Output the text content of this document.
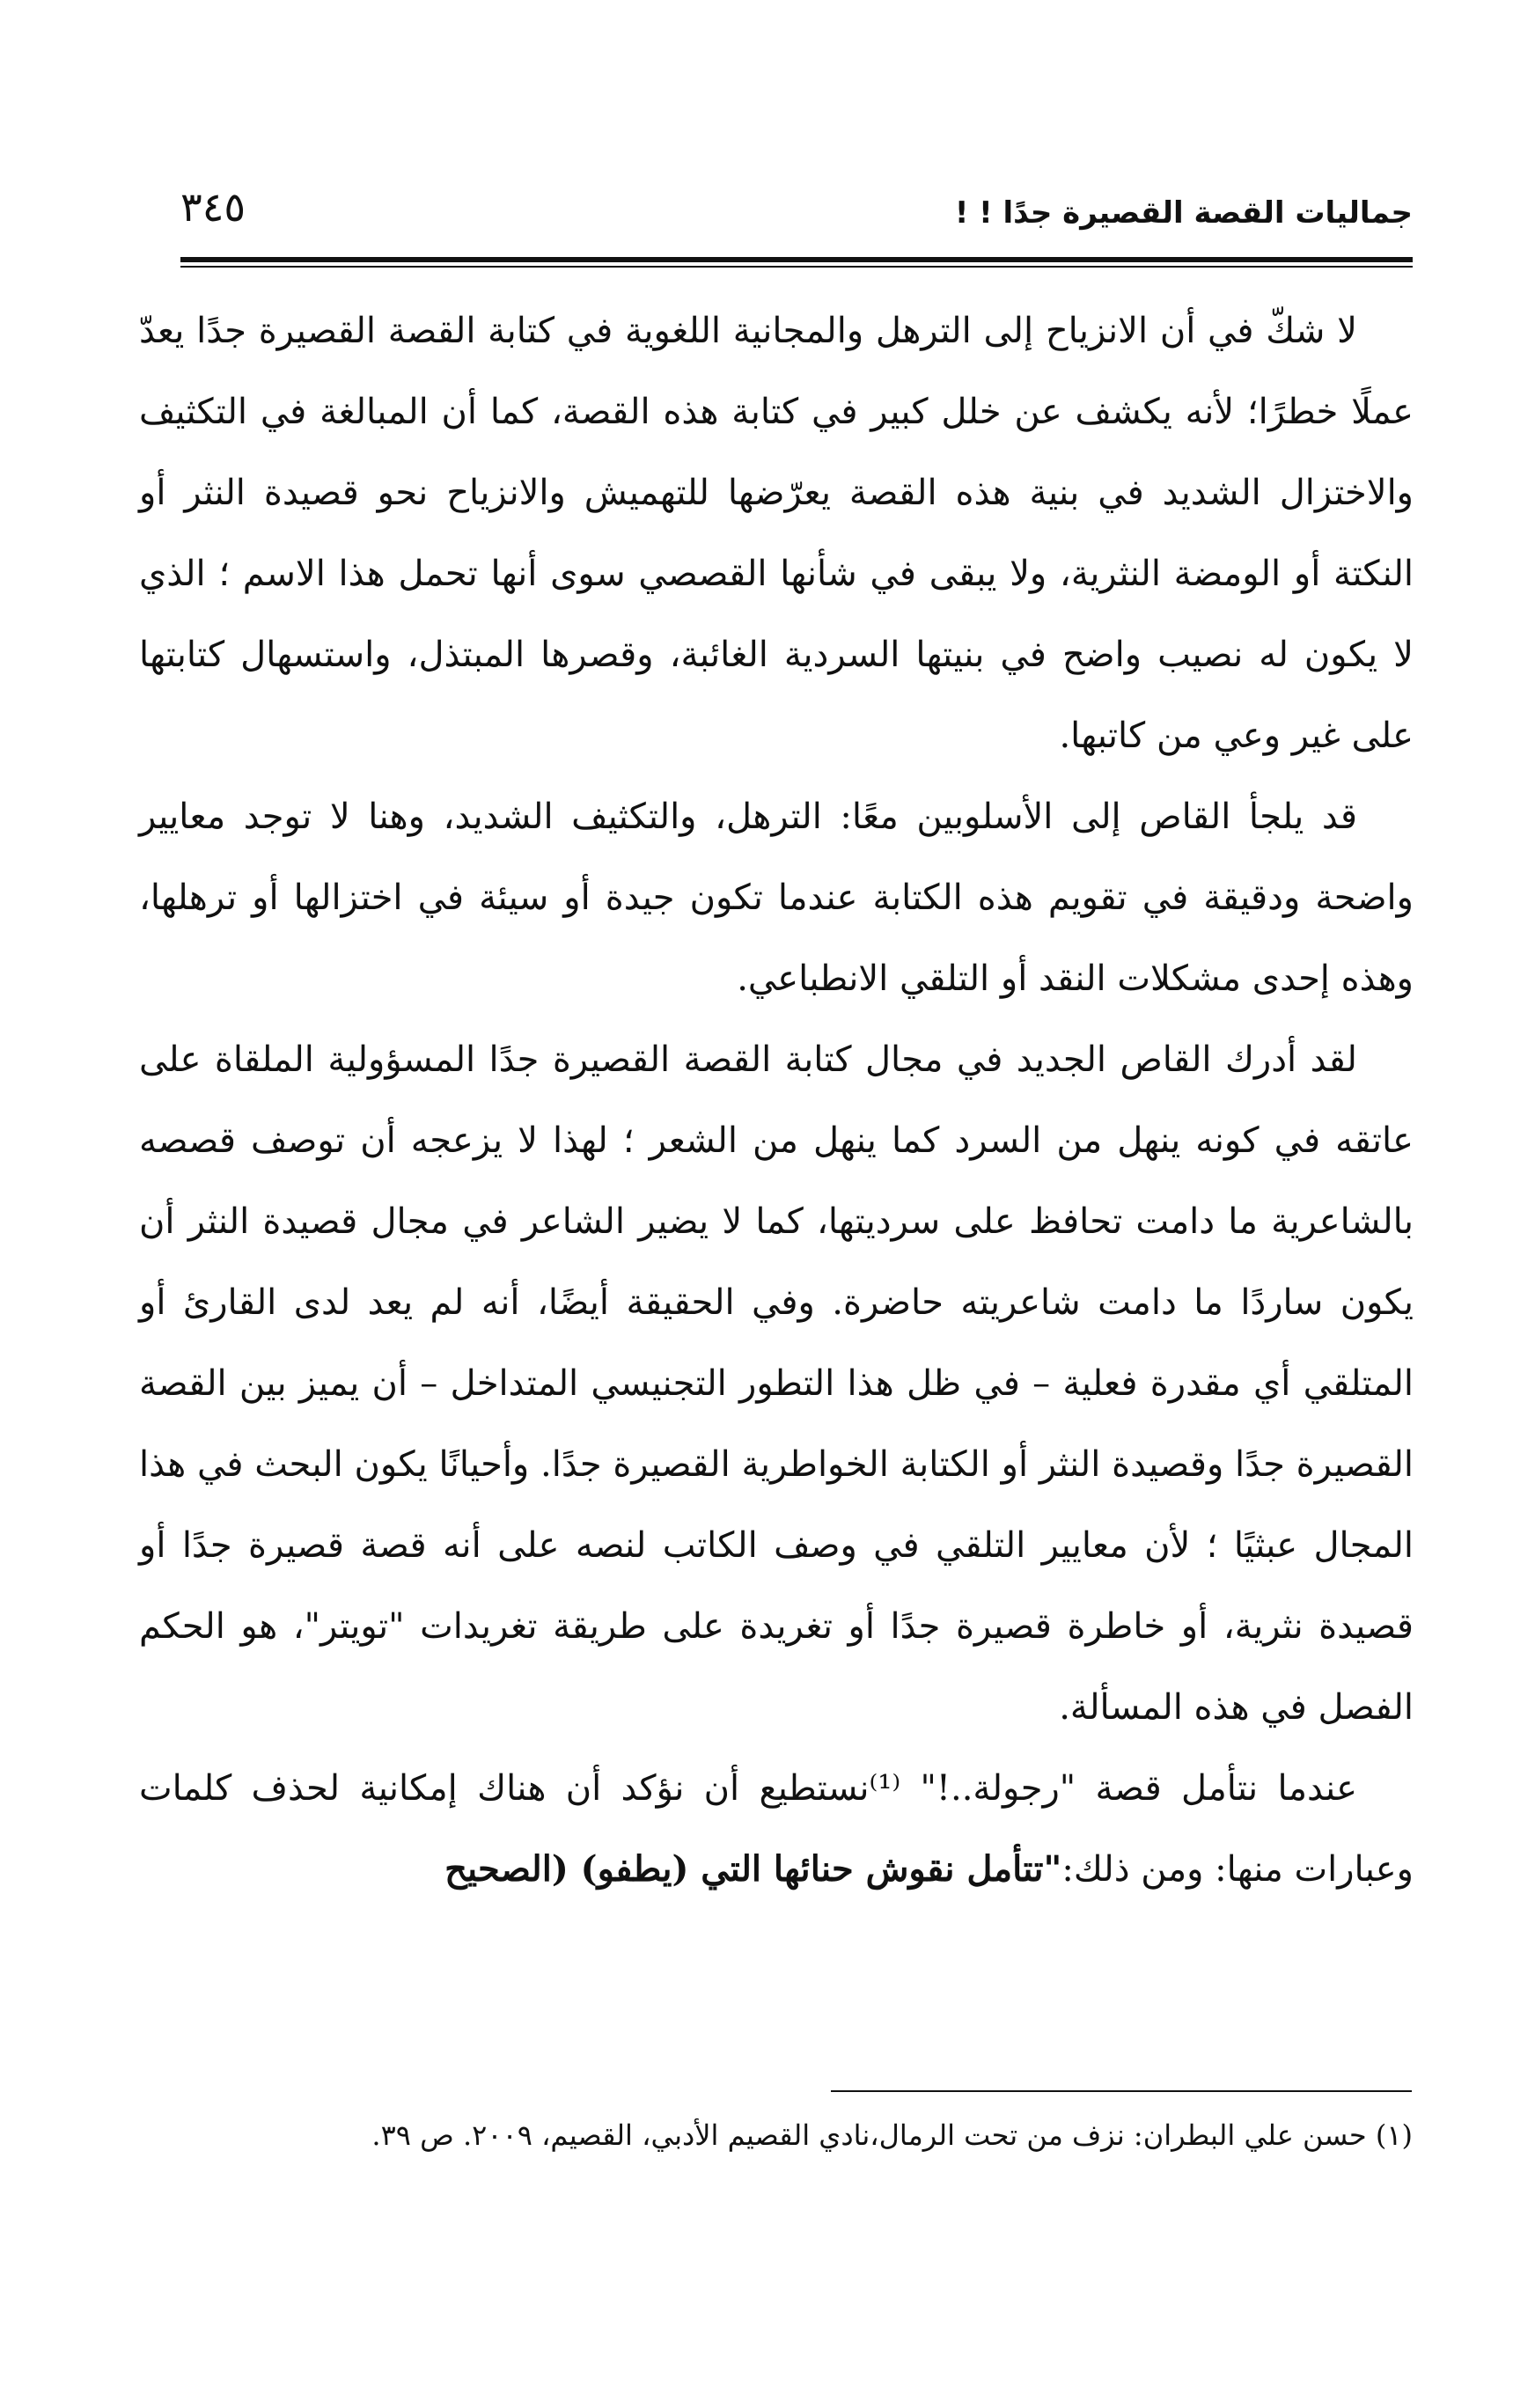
جماليات القصة القصيرة جدًا ! !
٣٤٥

لا شكّ في أن الانزياح إلى الترهل والمجانية اللغوية في كتابة القصة القصيرة جدًا يعدّ عملًا خطرًا؛ لأنه يكشف عن خلل كبير في كتابة هذه القصة، كما أن المبالغة في التكثيف والاختزال الشديد في بنية هذه القصة يعرّضها للتهميش والانزياح نحو قصيدة النثر أو النكتة أو الومضة النثرية، ولا يبقى في شأنها القصصي سوى أنها تحمل هذا الاسم ؛ الذي لا يكون له نصيب واضح في بنيتها السردية الغائبة، وقصرها المبتذل، واستسهال كتابتها على غير وعي من كاتبها.

قد يلجأ القاص إلى الأسلوبين معًا: الترهل، والتكثيف الشديد، وهنا لا توجد معايير واضحة ودقيقة في تقويم هذه الكتابة عندما تكون جيدة أو سيئة في اختزالها أو ترهلها، وهذه إحدى مشكلات النقد أو التلقي الانطباعي.

لقد أدرك القاص الجديد في مجال كتابة القصة القصيرة جدًا المسؤولية الملقاة على عاتقه في كونه ينهل من السرد كما ينهل من الشعر ؛ لهذا لا يزعجه أن توصف قصصه بالشاعرية ما دامت تحافظ على سرديتها، كما لا يضير الشاعر في مجال قصيدة النثر أن يكون ساردًا ما دامت شاعريته حاضرة. وفي الحقيقة أيضًا، أنه لم يعد لدى القارئ أو المتلقي أي مقدرة فعلية – في ظل هذا التطور التجنيسي المتداخل – أن يميز بين القصة القصيرة جدًا وقصيدة النثر أو الكتابة الخواطرية القصيرة جدًا. وأحيانًا يكون البحث في هذا المجال عبثيًا ؛ لأن معايير التلقي في وصف الكاتب لنصه على أنه قصة قصيرة جدًا أو قصيدة نثرية، أو خاطرة قصيرة جدًا أو تغريدة على طريقة تغريدات "تويتر"، هو الحكم الفصل في هذه المسألة.

عندما نتأمل قصة "رجولة..!" ⁽¹⁾نستطيع أن نؤكد أن هناك إمكانية لحذف كلمات وعبارات منها: ومن ذلك:"تتأمل نقوش حنائها التي (يطفو) (الصحيح

(١) حسن علي البطران: نزف من تحت الرمال،نادي القصيم الأدبي، القصيم، ٢٠٠٩. ص ٣٩.
